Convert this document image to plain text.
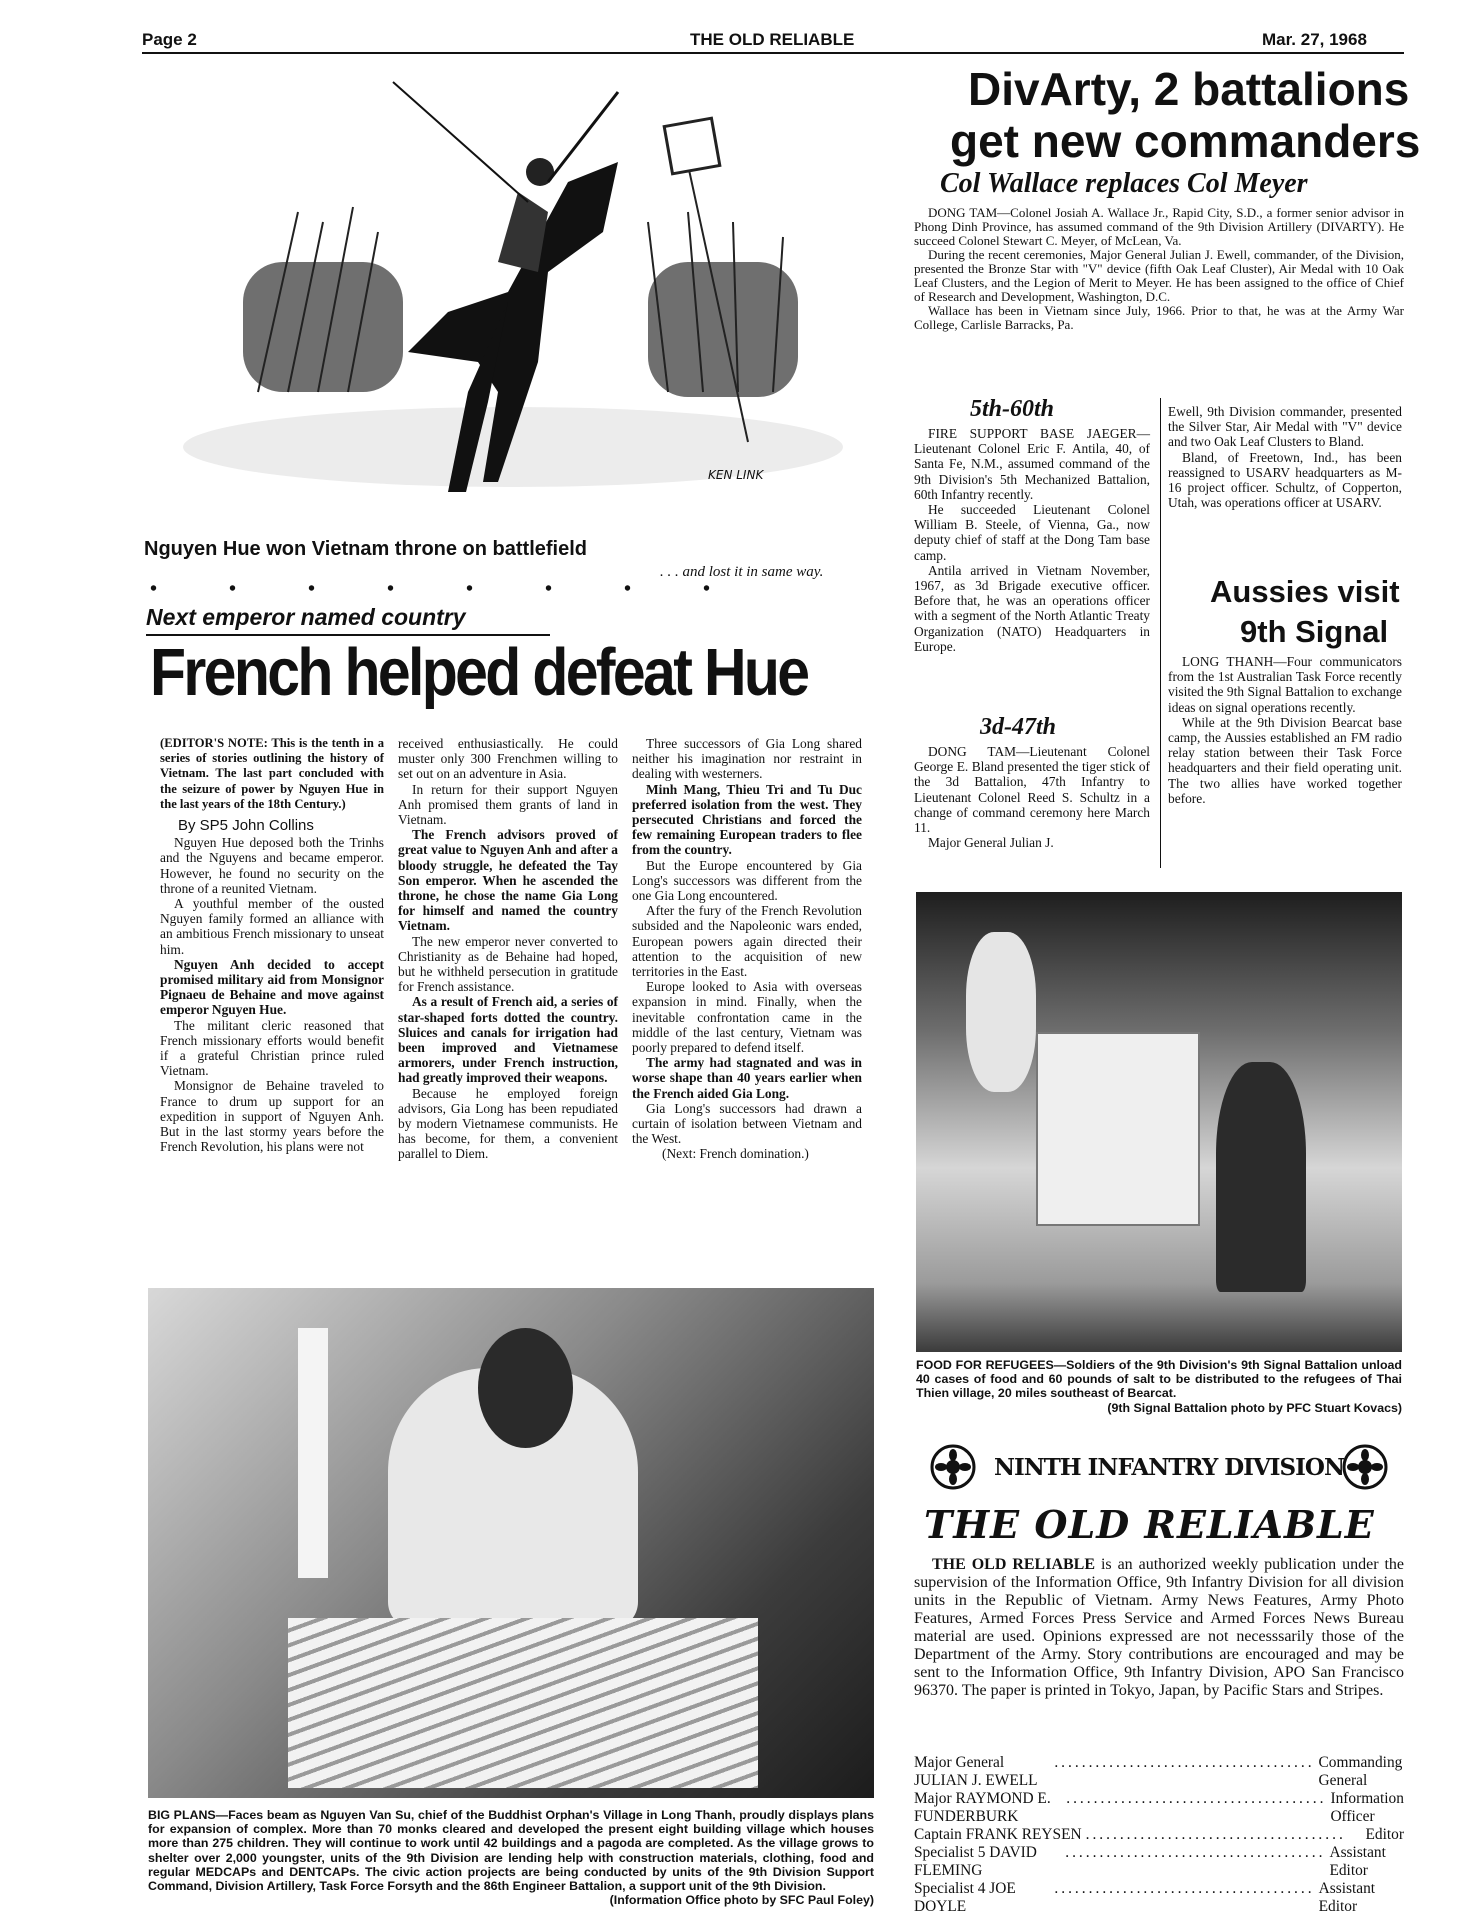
Page 2	THE OLD RELIABLE	Mar. 27, 1968
KEN LINK
Nguyen Hue won Vietnam throne on battlefield
. . . and lost it in same way.
••••••••
Next emperor named country
French helped defeat Hue

(EDITOR'S NOTE: This is the tenth in a series of stories outlining the history of Vietnam. The last part concluded with the seizure of power by Nguyen Hue in the last years of the 18th Century.)

By SP5 John Collins

Nguyen Hue deposed both the Trinhs and the Nguyens and became emperor. However, he found no security on the throne of a reunited Vietnam.

A youthful member of the ousted Nguyen family formed an alliance with an ambitious French missionary to unseat him.

Nguyen Anh decided to accept promised military aid from Monsignor Pignaeu de Behaine and move against emperor Nguyen Hue.

The militant cleric reasoned that French missionary efforts would benefit if a grateful Christian prince ruled Vietnam.

Monsignor de Behaine traveled to France to drum up support for an expedition in support of Nguyen Anh. But in the last stormy years before the French Revolution, his plans were not

received enthusiastically. He could muster only 300 Frenchmen willing to set out on an adventure in Asia.

In return for their support Nguyen Anh promised them grants of land in Vietnam.

The French advisors proved of great value to Nguyen Anh and after a bloody struggle, he defeated the Tay Son emperor. When he ascended the throne, he chose the name Gia Long for himself and named the country Vietnam.

The new emperor never converted to Christianity as de Behaine had hoped, but he withheld persecution in gratitude for French assistance.

As a result of French aid, a series of star-shaped forts dotted the country. Sluices and canals for irrigation had been improved and Vietnamese armorers, under French instruction, had greatly improved their weapons.

Because he employed foreign advisors, Gia Long has been repudiated by modern Vietnamese communists. He has become, for them, a convenient parallel to Diem.

Three successors of Gia Long shared neither his imagination nor restraint in dealing with westerners.

Minh Mang, Thieu Tri and Tu Duc preferred isolation from the west. They persecuted Christians and forced the few remaining European traders to flee from the country.

But the Europe encountered by Gia Long's successors was different from the one Gia Long encountered.

After the fury of the French Revolution subsided and the Napoleonic wars ended, European powers again directed their attention to the acquisition of new territories in the East.

Europe looked to Asia with overseas expansion in mind. Finally, when the inevitable confrontation came in the middle of the last century, Vietnam was poorly prepared to defend itself.

The army had stagnated and was in worse shape than 40 years earlier when the French aided Gia Long.

Gia Long's successors had drawn a curtain of isolation between Vietnam and the West.

(Next: French domination.)

BIG PLANS—Faces beam as Nguyen Van Su, chief of the Buddhist Orphan's Village in Long Thanh, proudly displays plans for expansion of complex. More than 70 monks cleared and developed the present eight building village which houses more than 275 children. They will continue to work until 42 buildings and a pagoda are completed. As the village grows to shelter over 2,000 youngster, units of the 9th Division are lending help with construction materials, clothing, food and regular MEDCAPs and DENTCAPs. The civic action projects are being conducted by units of the 9th Division Support Command, Division Artillery, Task Force Forsyth and the 86th Engineer Battalion, a support unit of the 9th Division.
(Information Office photo by SFC Paul Foley)
DivArty, 2 battalions
get new commanders
Col Wallace replaces Col Meyer

DONG TAM—Colonel Josiah A. Wallace Jr., Rapid City, S.D., a former senior advisor in Phong Dinh Province, has assumed command of the 9th Division Artillery (DIVARTY). He succeed Colonel Stewart C. Meyer, of McLean, Va.

During the recent ceremonies, Major General Julian J. Ewell, commander, of the Division, presented the Bronze Star with "V" device (fifth Oak Leaf Cluster), Air Medal with 10 Oak Leaf Clusters, and the Legion of Merit to Meyer. He has been assigned to the office of Chief of Research and Development, Washington, D.C.

Wallace has been in Vietnam since July, 1966. Prior to that, he was at the Army War College, Carlisle Barracks, Pa.

5th-60th

FIRE SUPPORT BASE JAEGER—Lieutenant Colonel Eric F. Antila, 40, of Santa Fe, N.M., assumed command of the 9th Division's 5th Mechanized Battalion, 60th Infantry recently.

He succeeded Lieutenant Colonel William B. Steele, of Vienna, Ga., now deputy chief of staff at the Dong Tam base camp.

Antila arrived in Vietnam November, 1967, as 3d Brigade executive officer. Before that, he was an operations officer with a segment of the North Atlantic Treaty Organization (NATO) Headquarters in Europe.

3d-47th

DONG TAM—Lieutenant Colonel George E. Bland presented the tiger stick of the 3d Battalion, 47th Infantry to Lieutenant Colonel Reed S. Schultz in a change of command ceremony here March 11.

Major General Julian J.

Ewell, 9th Division commander, presented the Silver Star, Air Medal with "V" device and two Oak Leaf Clusters to Bland.

Bland, of Freetown, Ind., has been reassigned to USARV headquarters as M-16 project officer. Schultz, of Copperton, Utah, was operations officer at USARV.

Aussies visit
9th Signal

LONG THANH—Four communicators from the 1st Australian Task Force recently visited the 9th Signal Battalion to exchange ideas on signal operations recently.

While at the 9th Division Bearcat base camp, the Aussies established an FM radio relay station between their Task Force headquarters and their field operating unit. The two allies have worked together before.

FOOD FOR REFUGEES—Soldiers of the 9th Division's 9th Signal Battalion unload 40 cases of food and 60 pounds of salt to be distributed to the refugees of Thai Thien village, 20 miles southeast of Bearcat.
(9th Signal Battalion photo by PFC Stuart Kovacs)
NINTH INFANTRY DIVISION
THE OLD RELIABLE

THE OLD RELIABLE is an authorized weekly publication under the supervision of the Information Office, 9th Infantry Division for all division units in the Republic of Vietnam. Army News Features, Army Photo Features, Armed Forces Press Service and Armed Forces News Bureau material are used. Opinions expressed are not necesssarily those of the Department of the Army. Story contributions are encouraged and may be sent to the Information Office, 9th Infantry Division, APO San Francisco 96370. The paper is printed in Tokyo, Japan, by Pacific Stars and Stripes.

Major General JULIAN J. EWELL
...................................... Commanding General
Major RAYMOND E. FUNDERBURK
...................................... Information Officer
Captain FRANK REYSEN ......................................	Editor
Specialist 5 DAVID FLEMING
...................................... Assistant Editor
Specialist 4 JOE DOYLE
...................................... Assistant Editor
